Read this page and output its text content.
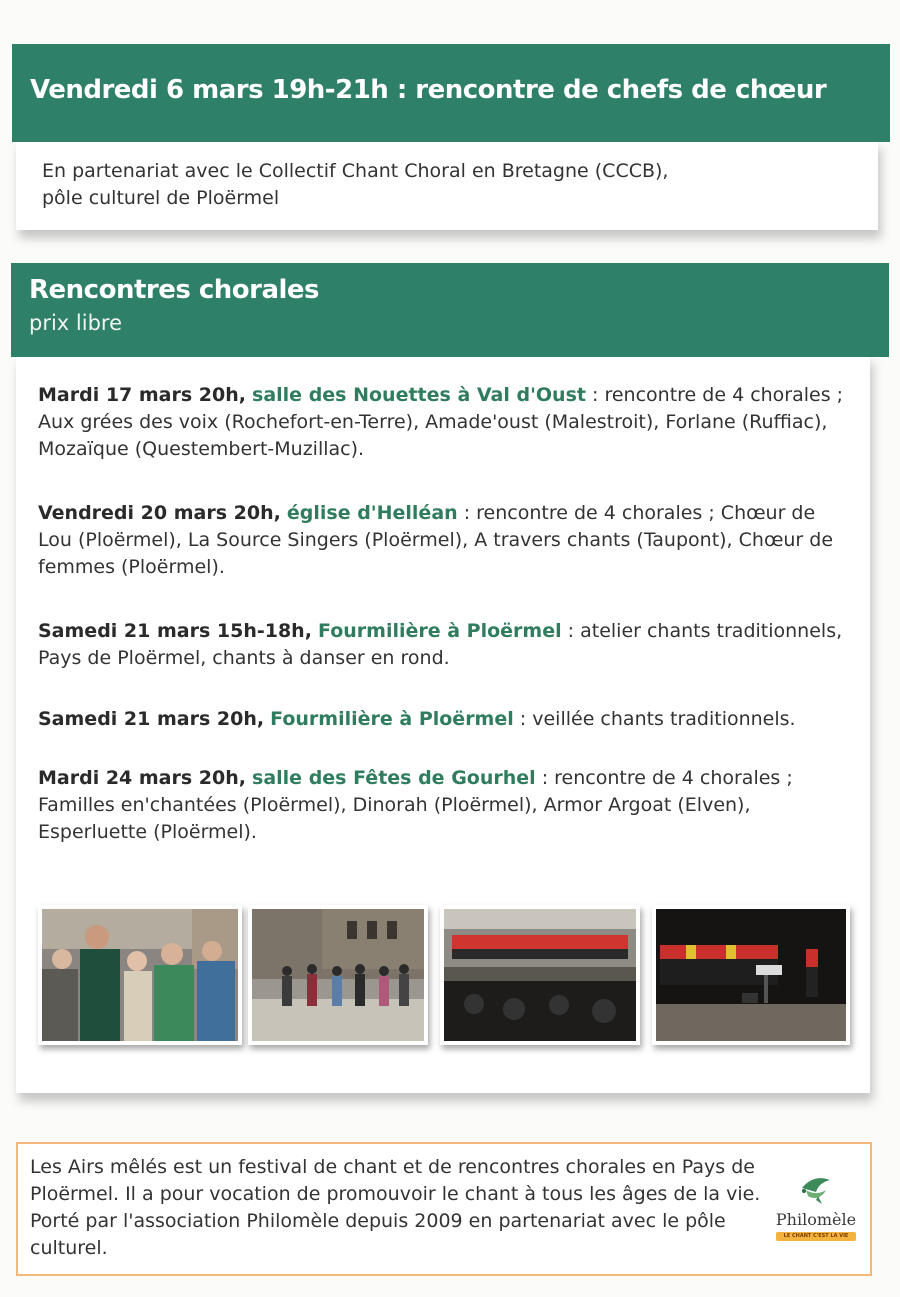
En partenariat avec le Collectif Chant Choral en Bretagne (CCCB),
pôle culturel de Ploërmel
Vendredi 6 mars 19h-21h : rencontre de chefs de chœur
Mardi 17 mars 20h, salle des Nouettes à Val d'Oust : rencontre de 4 chorales ; Aux grées des voix (Rochefort-en-Terre), Amade'oust (Malestroit), Forlane (Ruffiac), Mozaïque (Questembert-Muzillac).
Vendredi 20 mars 20h, église d'Helléan : rencontre de 4 chorales ; Chœur de Lou (Ploërmel), La Source Singers (Ploërmel), A travers chants (Taupont), Chœur de femmes (Ploërmel).
Samedi 21 mars 15h-18h, Fourmilière à Ploërmel : atelier chants traditionnels, Pays de Ploërmel, chants à danser en rond.
Samedi 21 mars 20h, Fourmilière à Ploërmel : veillée chants traditionnels.
Mardi 24 mars 20h, salle des Fêtes de Gourhel : rencontre de 4 chorales ; Familles en'chantées (Ploërmel), Dinorah (Ploërmel), Armor Argoat (Elven), Esperluette (Ploërmel).
Rencontres chorales
prix libre
Les Airs mêlés est un festival de chant et de rencontres chorales en Pays de Ploërmel. Il a pour vocation de promouvoir le chant à tous les âges de la vie. Porté par l'association Philomèle depuis 2009 en partenariat avec le pôle culturel.
Philomèle
LE CHANT C'EST LA VIE
